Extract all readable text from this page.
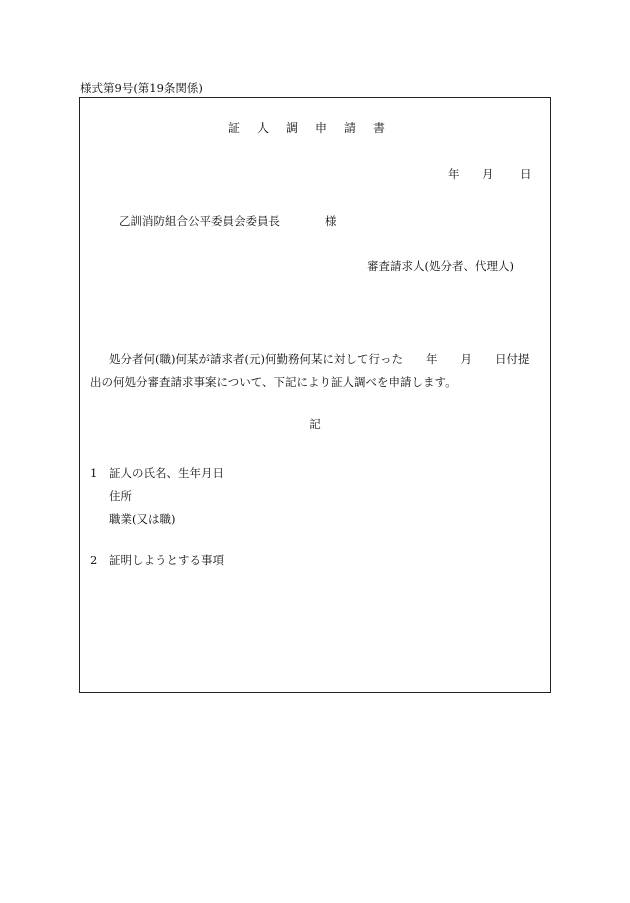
様式第9号(第19条関係)
証人調申請書
年 月 日
乙訓消防組合公平委員会委員長	様
審査請求人(処分者、代理人)
処分者何(職)何某が請求者(元)何勤務何某に対して行った　　年　　月　　日付提
出の何処分審査請求事案について、下記により証人調べを申請します。
記
1 証人の氏名、生年月日
住所
職業(又は職)
2 証明しようとする事項
